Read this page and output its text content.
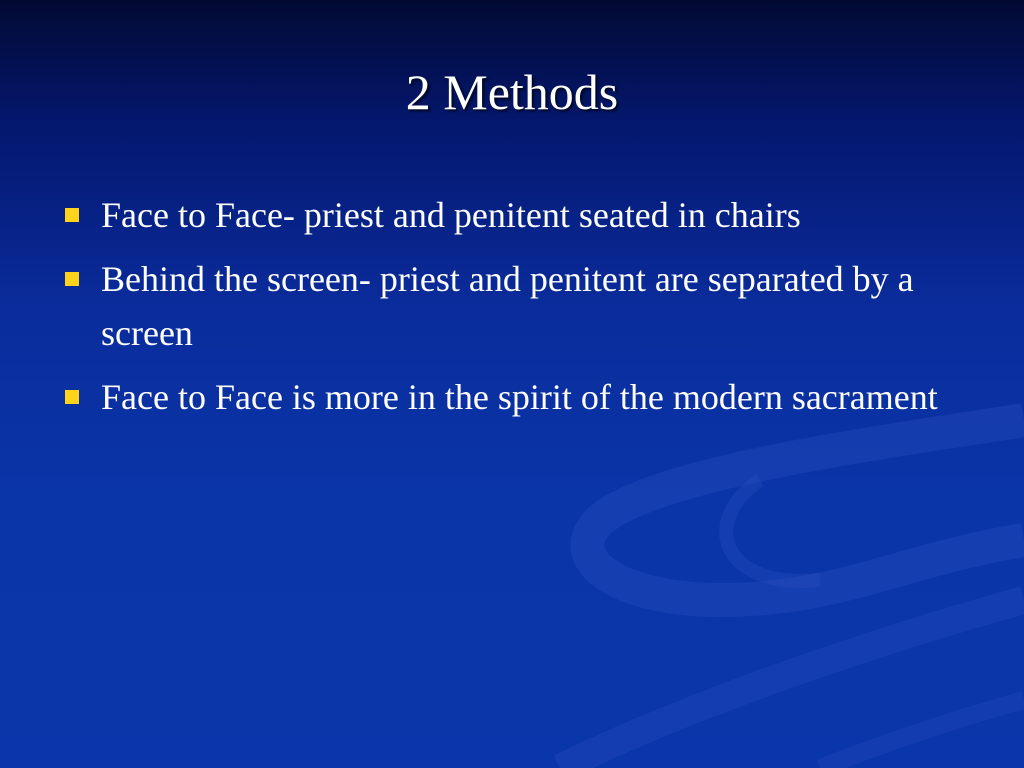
2 Methods
Face to Face- priest and penitent seated in chairs
Behind the screen- priest and penitent are separated by a screen
Face to Face is more in the spirit of the modern sacrament
